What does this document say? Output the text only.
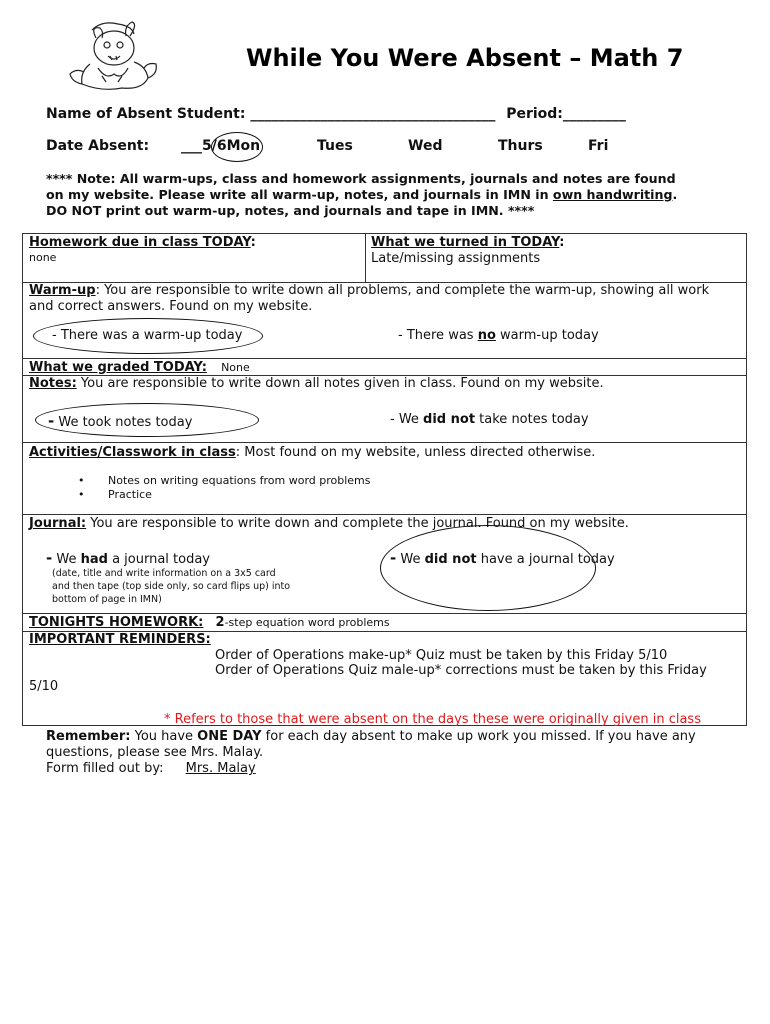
While You Were Absent – Math 7
Name of Absent Student: ___________________________________ Period:_________
Date Absent: ___5/6Mon	Tues	Wed	Thurs	Fri
**** Note: All warm-ups, class and homework assignments, journals and notes are found
on my website. Please write all warm-up, notes, and journals in IMN in own handwriting.
DO NOT print out warm-up, notes, and journals and tape in IMN. ****
Homework due in class TODAY:
none
What we turned in TODAY:
Late/missing assignments
Warm-up: You are responsible to write down all problems, and complete the warm-up, showing all work
and correct answers. Found on my website.
- There was a warm-up today	- There was no warm-up today
What we graded TODAY: None
Notes: You are responsible to write down all notes given in class. Found on my website.
- We took notes today	- We did not take notes today
Activities/Classwork in class: Most found on my website, unless directed otherwise.
• Notes on writing equations from word problems
• Practice
Journal: You are responsible to write down and complete the journal. Found on my website.
- We had a journal today
(date, title and write information on a 3x5 card
and then tape (top side only, so card flips up) into
bottom of page in IMN)
- We did not have a journal today
TONIGHTS HOMEWORK: 2-step equation word problems
IMPORTANT REMINDERS:
Order of Operations make-up* Quiz must be taken by this Friday 5/10
Order of Operations Quiz male-up* corrections must be taken by this Friday
5/10
* Refers to those that were absent on the days these were originally given in class
Remember: You have ONE DAY for each day absent to make up work you missed. If you have any
questions, please see Mrs. Malay.
Form filled out by: Mrs. Malay
